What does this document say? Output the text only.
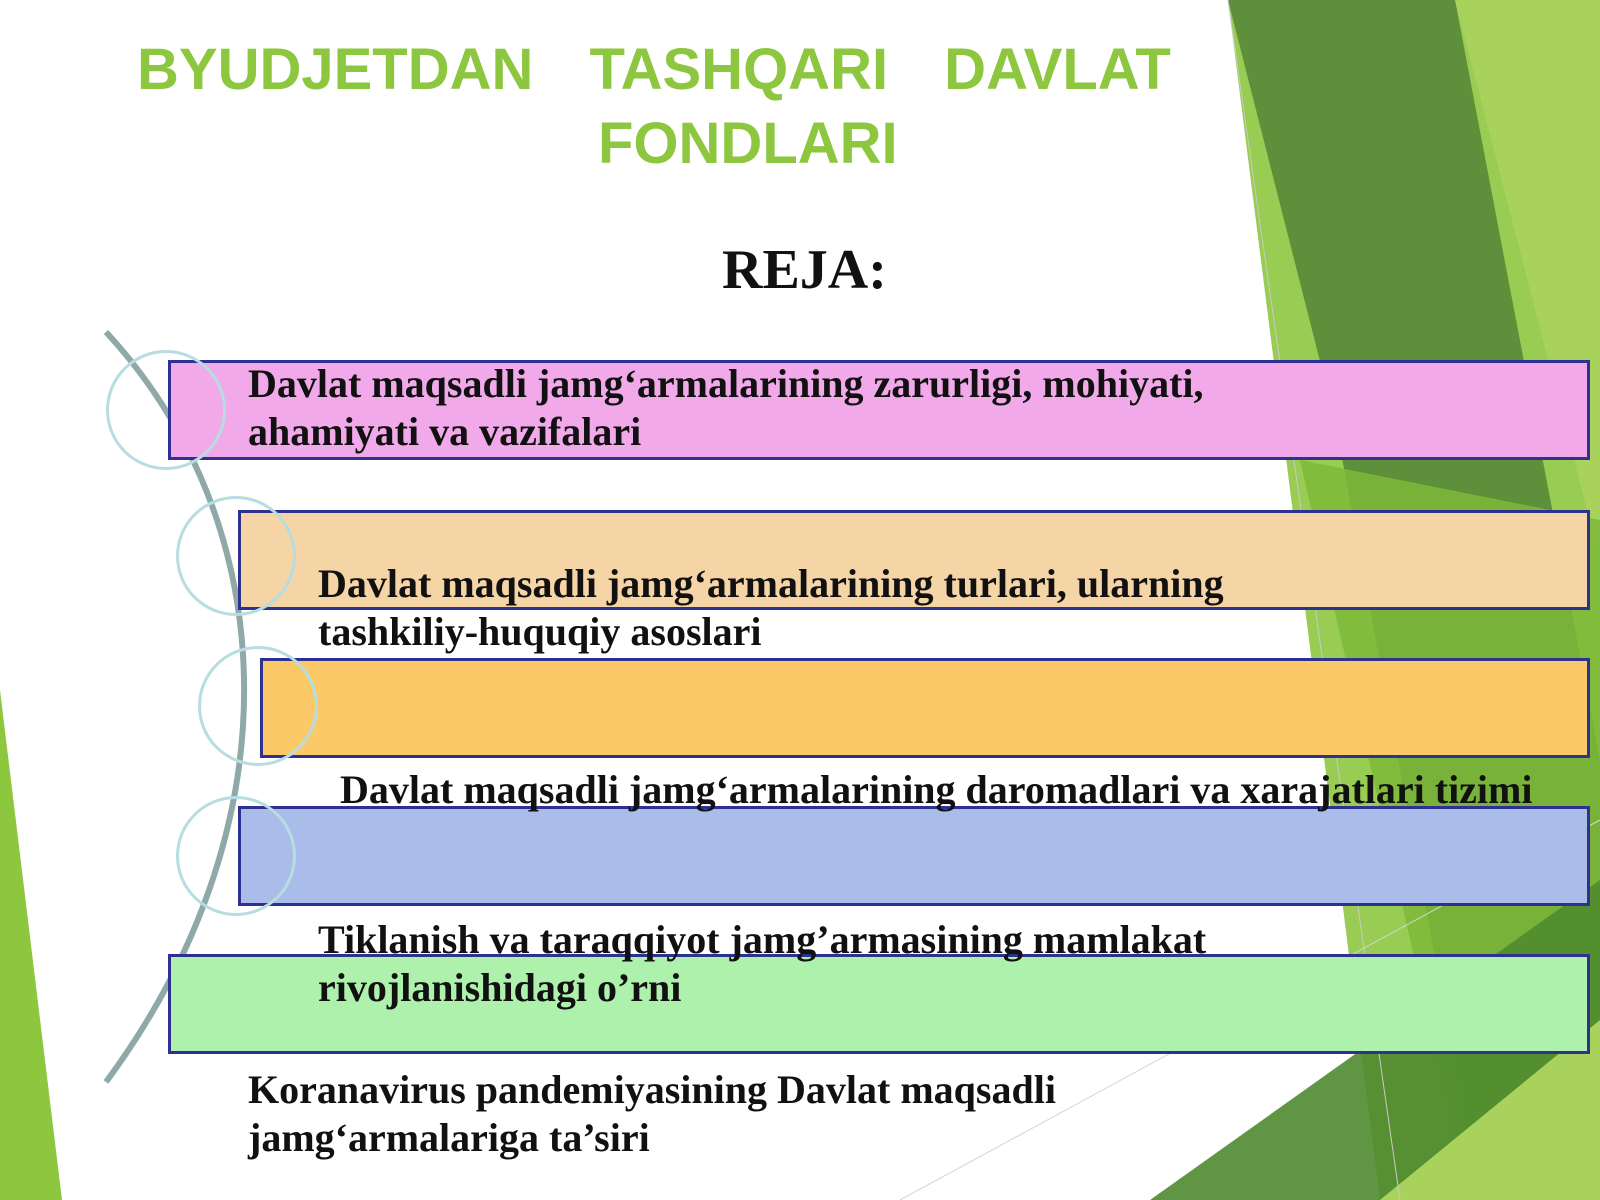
BYUDJETDAN TASHQARI DAVLAT
FONDLARI
REJA:

Davlat maqsadli jamg‘armalarining zarurligi, mohiyati, ahamiyati va vazifalari

Davlat maqsadli jamg‘armalarining turlari, ularning tashkiliy-huquqiy asoslari

Davlat maqsadli jamg‘armalarining daromadlari va xarajatlari tizimi

Tiklanish va taraqqiyot jamg’armasining mamlakat rivojlanishidagi o’rni

Koranavirus pandemiyasining Davlat maqsadli jamg‘armalariga ta’siri
